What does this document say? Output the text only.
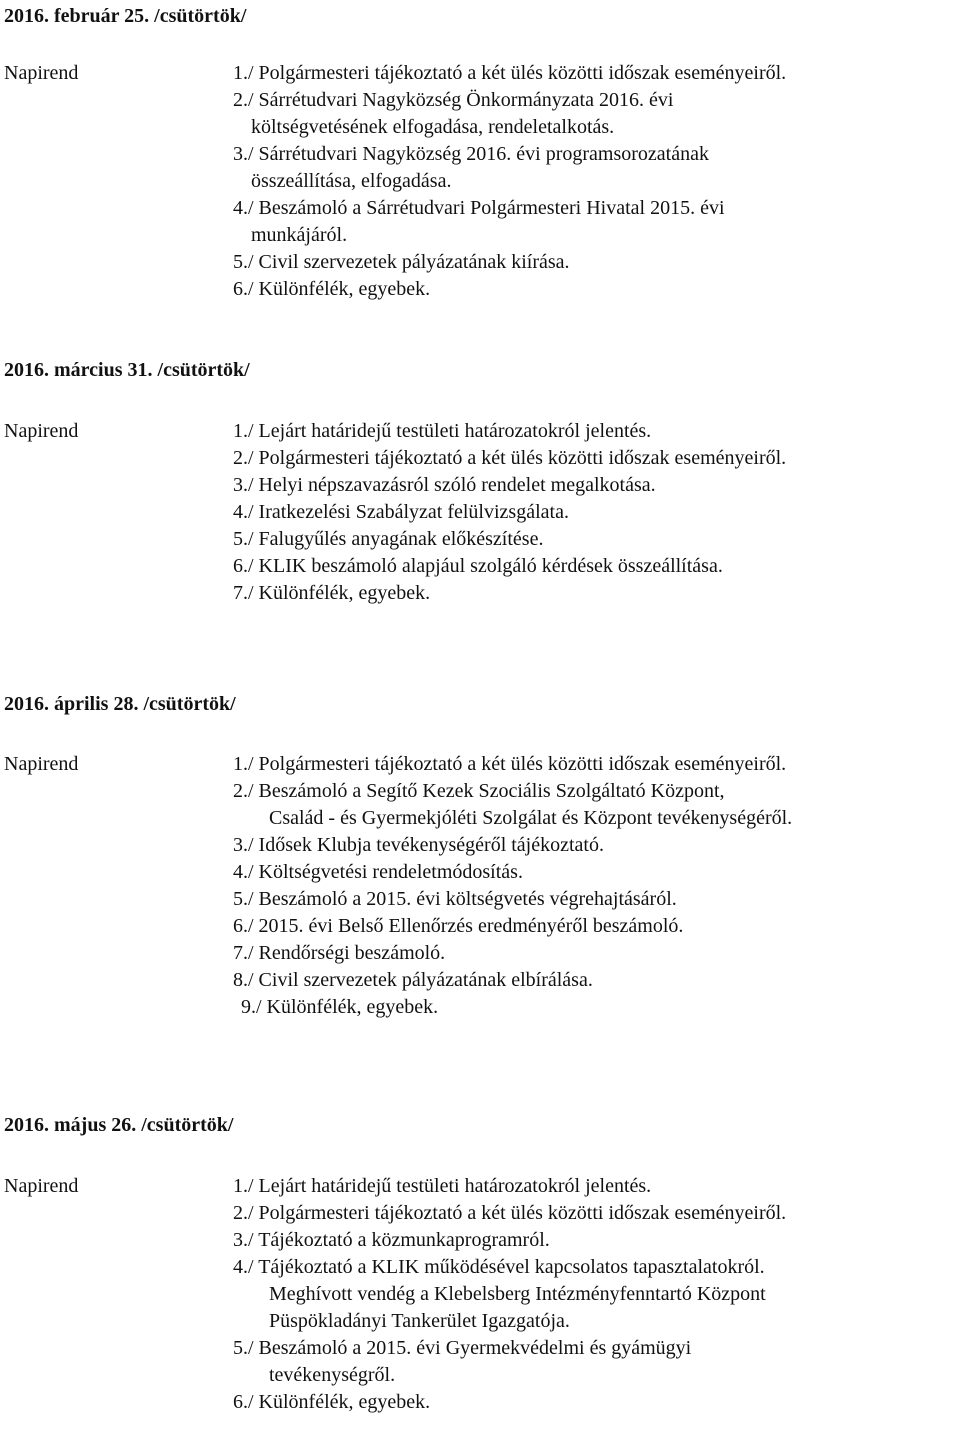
2016. február 25. /csütörtök/
Napirend	1./ Polgármesteri tájékoztató a két ülés közötti időszak eseményeiről.
2./ Sárrétudvari Nagyközség Önkormányzata 2016. évi
költségvetésének elfogadása, rendeletalkotás.
3./ Sárrétudvari Nagyközség 2016. évi programsorozatának
összeállítása, elfogadása.
4./ Beszámoló a Sárrétudvari Polgármesteri Hivatal 2015. évi
munkájáról.
5./ Civil szervezetek pályázatának kiírása.
6./ Különfélék, egyebek.
2016. március 31. /csütörtök/
Napirend	1./ Lejárt határidejű testületi határozatokról jelentés.
2./ Polgármesteri tájékoztató a két ülés közötti időszak eseményeiről.
3./ Helyi népszavazásról szóló rendelet megalkotása.
4./ Iratkezelési Szabályzat felülvizsgálata.
5./ Falugyűlés anyagának előkészítése.
6./ KLIK beszámoló alapjául szolgáló kérdések összeállítása.
7./ Különfélék, egyebek.
2016. április 28. /csütörtök/
Napirend	1./ Polgármesteri tájékoztató a két ülés közötti időszak eseményeiről.
2./ Beszámoló a Segítő Kezek Szociális Szolgáltató Központ,
Család - és Gyermekjóléti Szolgálat és Központ tevékenységéről.
3./ Idősek Klubja tevékenységéről tájékoztató.
4./ Költségvetési rendeletmódosítás.
5./ Beszámoló a 2015. évi költségvetés végrehajtásáról.
6./ 2015. évi Belső Ellenőrzés eredményéről beszámoló.
7./ Rendőrségi beszámoló.
8./ Civil szervezetek pályázatának elbírálása.
9./ Különfélék, egyebek.
2016. május 26. /csütörtök/
Napirend	1./ Lejárt határidejű testületi határozatokról jelentés.
2./ Polgármesteri tájékoztató a két ülés közötti időszak eseményeiről.
3./ Tájékoztató a közmunkaprogramról.
4./ Tájékoztató a KLIK működésével kapcsolatos tapasztalatokról.
Meghívott vendég a Klebelsberg Intézményfenntartó Központ
Püspökladányi Tankerület Igazgatója.
5./ Beszámoló a 2015. évi Gyermekvédelmi és gyámügyi
tevékenységről.
6./ Különfélék, egyebek.
